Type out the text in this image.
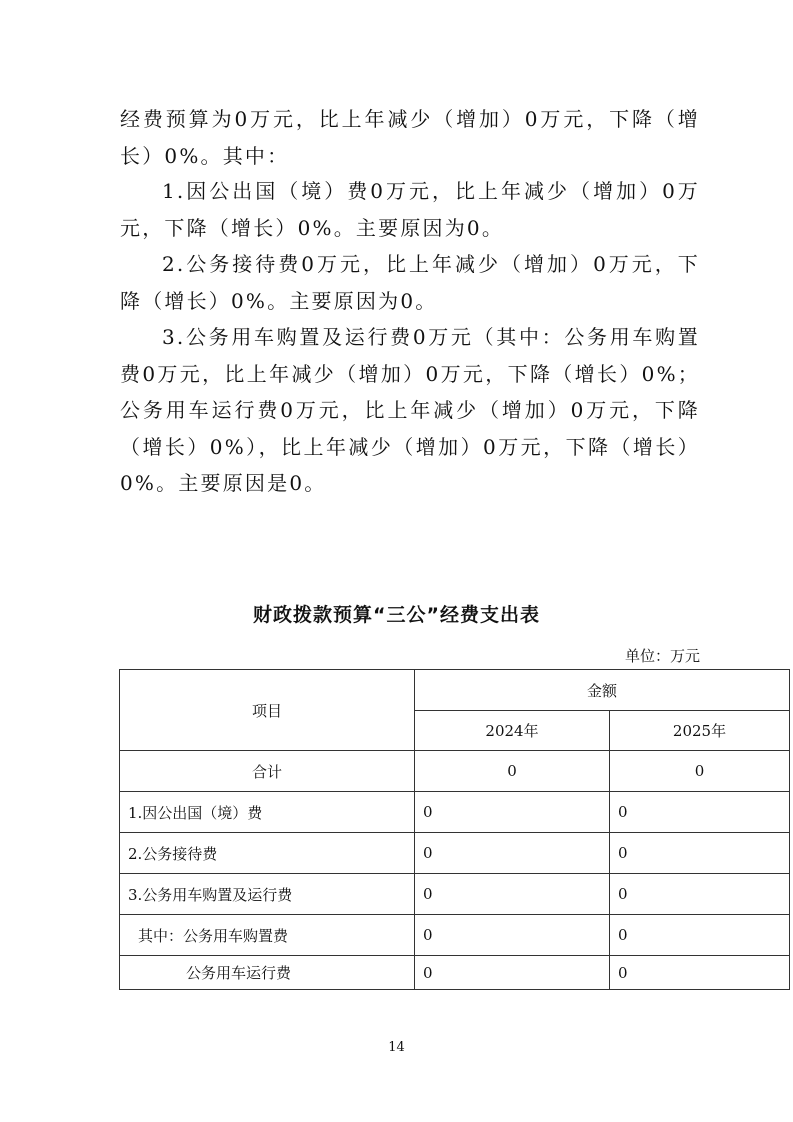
经费预算为0万元，比上年减少（增加）0万元，下降（增长）0%。其中：

1.因公出国（境）费0万元，比上年减少（增加）0万元，下降（增长）0%。主要原因为0。

2.公务接待费0万元，比上年减少（增加）0万元，下降（增长）0%。主要原因为0。

3.公务用车购置及运行费0万元（其中：公务用车购置费0万元，比上年减少（增加）0万元，下降（增长）0%；公务用车运行费0万元，比上年减少（增加）0万元，下降（增长）0%），比上年减少（增加）0万元，下降（增长）0%。主要原因是0。

财政拨款预算“三公”经费支出表
单位：万元
项目	金额	
	2024年	2025年
合计	0	0
1.因公出国（境）费	0	0
2.公务接待费	0	0
3.公务用车购置及运行费	0	0
其中：公务用车购置费	0	0
公务用车运行费	0	0
14
